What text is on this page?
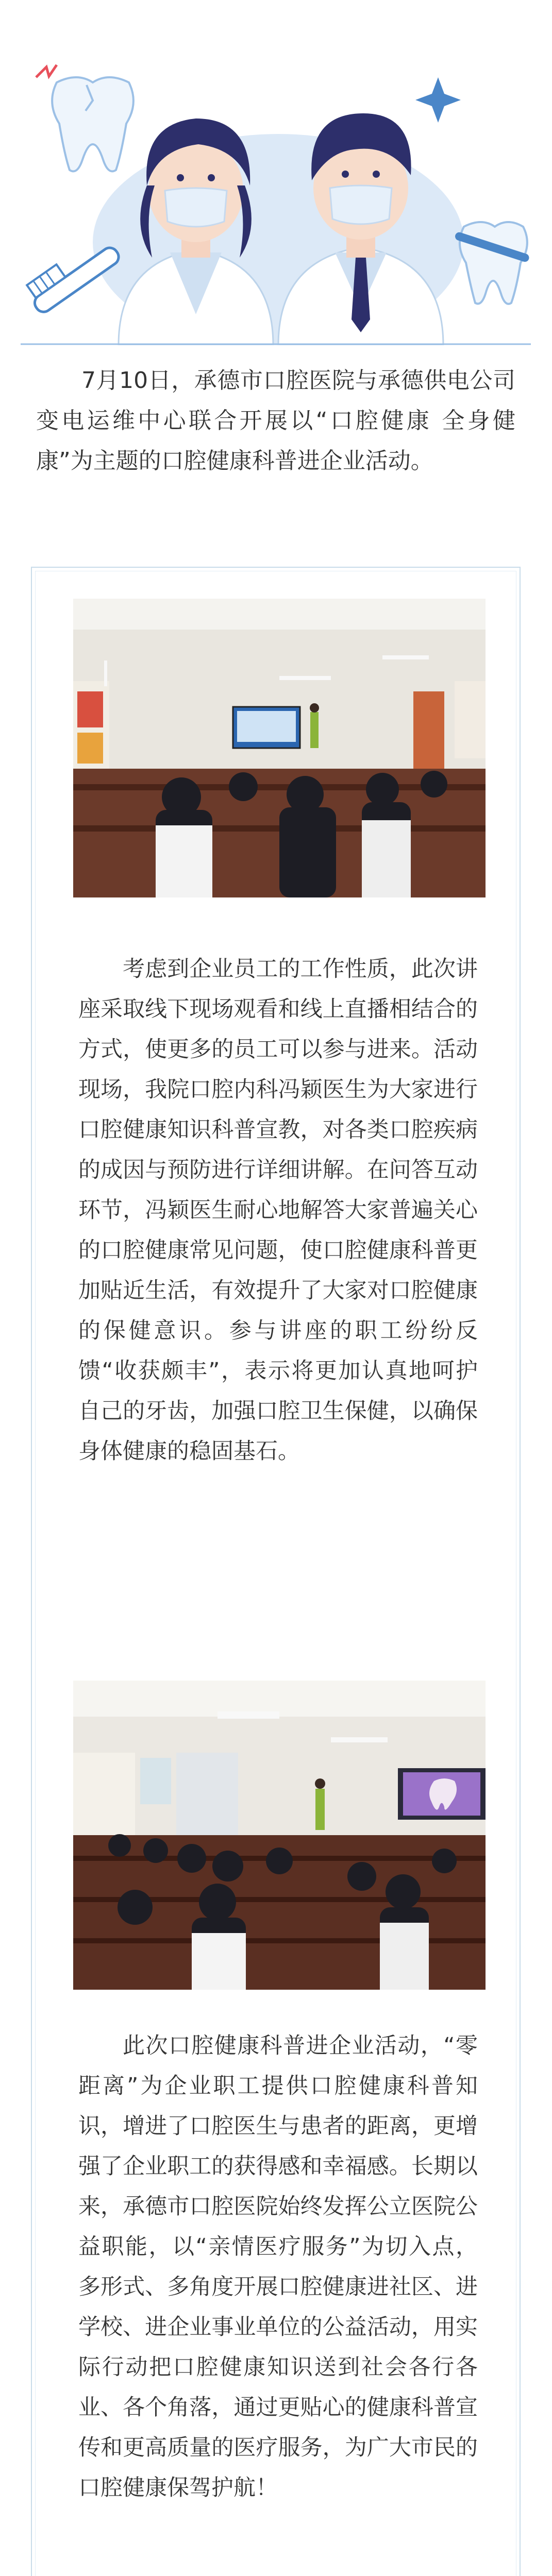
7月10日，承德市口腔医院与承德供电公司变电运维中心联合开展以“口腔健康 全身健康”为主题的口腔健康科普进企业活动。
考虑到企业员工的工作性质，此次讲座采取线下现场观看和线上直播相结合的方式，使更多的员工可以参与进来。活动现场，我院口腔内科冯颖医生为大家进行口腔健康知识科普宣教，对各类口腔疾病的成因与预防进行详细讲解。在问答互动环节，冯颖医生耐心地解答大家普遍关心的口腔健康常见问题，使口腔健康科普更加贴近生活，有效提升了大家对口腔健康的保健意识。参与讲座的职工纷纷反馈“收获颇丰”，表示将更加认真地呵护自己的牙齿，加强口腔卫生保健，以确保身体健康的稳固基石。
此次口腔健康科普进企业活动，“零距离”为企业职工提供口腔健康科普知识，增进了口腔医生与患者的距离，更增强了企业职工的获得感和幸福感。长期以来，承德市口腔医院始终发挥公立医院公益职能，以“亲情医疗服务”为切入点，多形式、多角度开展口腔健康进社区、进学校、进企业事业单位的公益活动，用实际行动把口腔健康知识送到社会各行各业、各个角落，通过更贴心的健康科普宣传和更高质量的医疗服务，为广大市民的口腔健康保驾护航！
